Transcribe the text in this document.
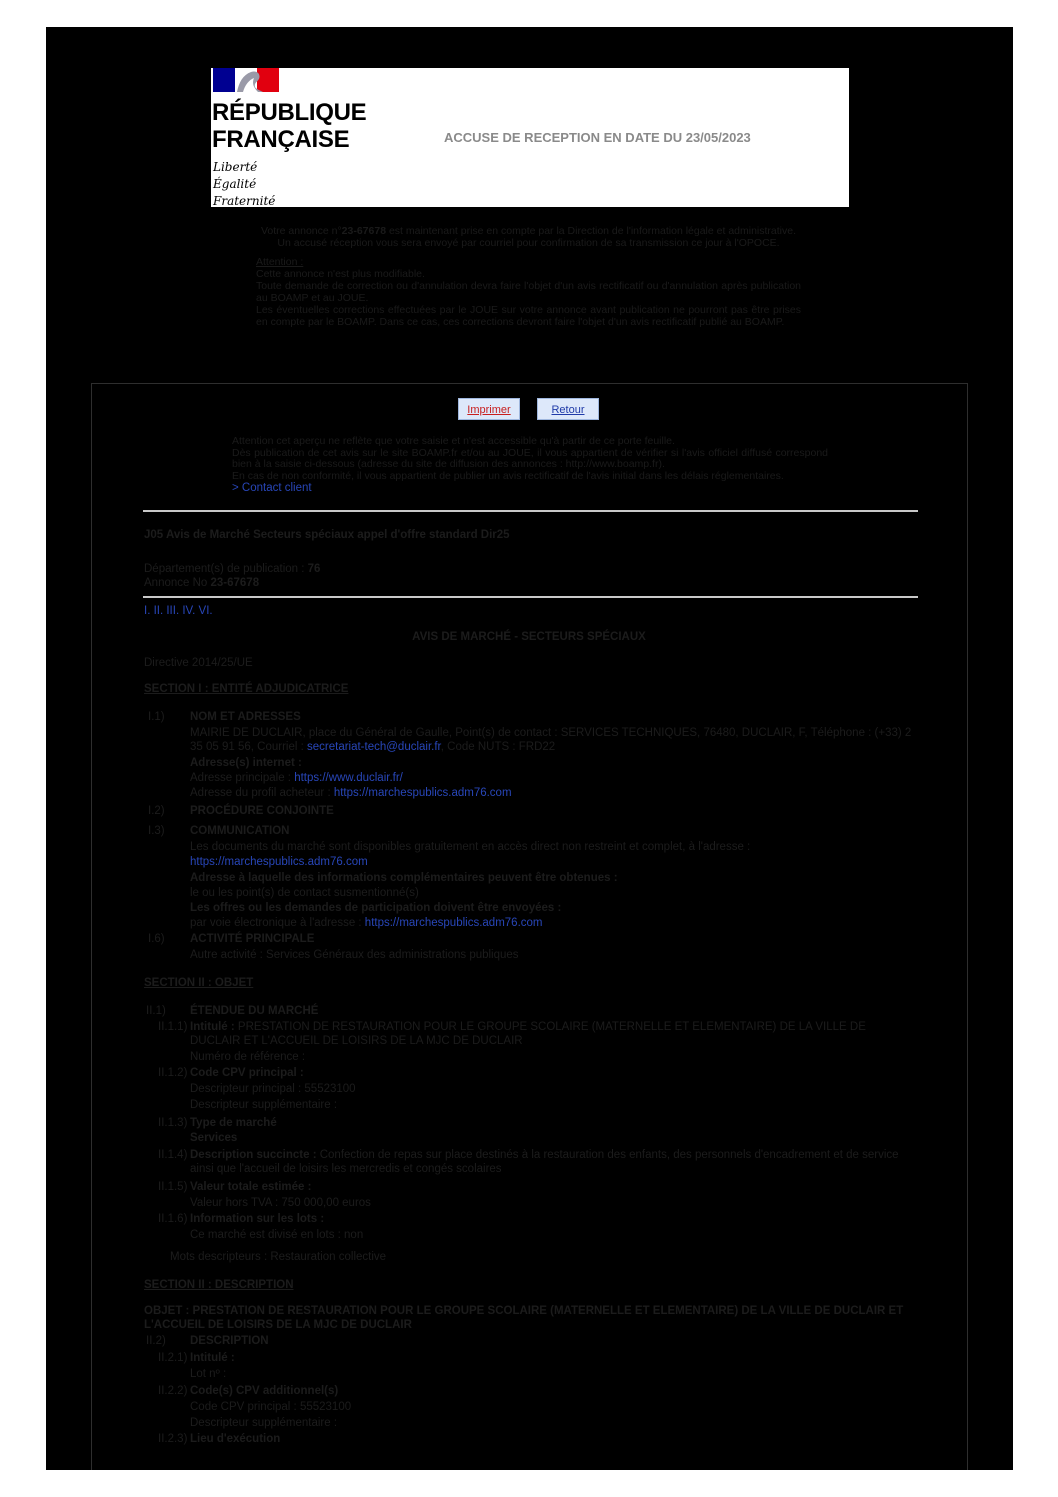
RÉPUBLIQUE
FRANÇAISE
Liberté
Égalité
Fraternité
ACCUSE DE RECEPTION EN DATE DU 23/05/2023
Votre annonce n°23-67678 est maintenant prise en compte par la Direction de l'information légale et administrative.
Un accusé réception vous sera envoyé par courriel pour confirmation de sa transmission ce jour à l'OPOCE.
Attention :
Cette annonce n'est plus modifiable.
Toute demande de correction ou d'annulation devra faire l'objet d'un avis rectificatif ou d'annulation après publication au BOAMP et au JOUE.
Les éventuelles corrections effectuées par le JOUE sur votre annonce avant publication ne pourront pas être prises en compte par le BOAMP. Dans ce cas, ces corrections devront faire l'objet d'un avis rectificatif publié au BOAMP.
Imprimer	Retour
Attention cet aperçu ne reflète que votre saisie et n'est accessible qu'à partir de ce porte feuille.
Dès publication de cet avis sur le site BOAMP.fr et/ou au JOUE, il vous appartient de vérifier si l'avis officiel diffusé correspond bien à la saisie ci-dessous (adresse du site de diffusion des annonces : http://www.boamp.fr).
En cas de non conformité, il vous appartient de publier un avis rectificatif de l'avis initial dans les délais réglementaires.
> Contact client
J05 Avis de Marché Secteurs spéciaux appel d'offre standard Dir25
Département(s) de publication : 76
Annonce No 23-67678
I. II. III. IV. VI.
AVIS DE MARCHÉ - SECTEURS SPÉCIAUX
Directive 2014/25/UE
SECTION I : ENTITÉ ADJUDICATRICE
I.1) NOM ET ADRESSES
MAIRIE DE DUCLAIR, place du Général de Gaulle, Point(s) de contact : SERVICES TECHNIQUES, 76480, DUCLAIR, F, Téléphone : (+33) 2 35 05 91 56, Courriel : secretariat-tech@duclair.fr, Code NUTS : FRD22
Adresse(s) internet :
Adresse principale : https://www.duclair.fr/
Adresse du profil acheteur : https://marchespublics.adm76.com
I.2) PROCÉDURE CONJOINTE
I.3) COMMUNICATION
Les documents du marché sont disponibles gratuitement en accès direct non restreint et complet, à l'adresse :
https://marchespublics.adm76.com
Adresse à laquelle des informations complémentaires peuvent être obtenues :
le ou les point(s) de contact susmentionné(s)
Les offres ou les demandes de participation doivent être envoyées :
par voie électronique à l'adresse : https://marchespublics.adm76.com
I.6) ACTIVITÉ PRINCIPALE
Autre activité : Services Généraux des administrations publiques
SECTION II : OBJET
II.1) ÉTENDUE DU MARCHÉ
II.1.1) Intitulé : PRESTATION DE RESTAURATION POUR LE GROUPE SCOLAIRE (MATERNELLE ET ELEMENTAIRE) DE LA VILLE DE DUCLAIR ET L'ACCUEIL DE LOISIRS DE LA MJC DE DUCLAIR
Numéro de référence :
II.1.2) Code CPV principal :
Descripteur principal : 55523100
Descripteur supplémentaire :
II.1.3) Type de marché
Services
II.1.4) Description succincte : Confection de repas sur place destinés à la restauration des enfants, des personnels d'encadrement et de service ainsi que l'accueil de loisirs les mercredis et congés scolaires
II.1.5) Valeur totale estimée :
Valeur hors TVA : 750 000,00 euros
II.1.6) Information sur les lots :
Ce marché est divisé en lots : non
Mots descripteurs : Restauration collective
SECTION II : DESCRIPTION
OBJET : PRESTATION DE RESTAURATION POUR LE GROUPE SCOLAIRE (MATERNELLE ET ELEMENTAIRE) DE LA VILLE DE DUCLAIR ET L'ACCUEIL DE LOISIRS DE LA MJC DE DUCLAIR
II.2) DESCRIPTION
II.2.1) Intitulé :
Lot nº :
II.2.2) Code(s) CPV additionnel(s)
Code CPV principal : 55523100
Descripteur supplémentaire :
II.2.3) Lieu d'exécution
